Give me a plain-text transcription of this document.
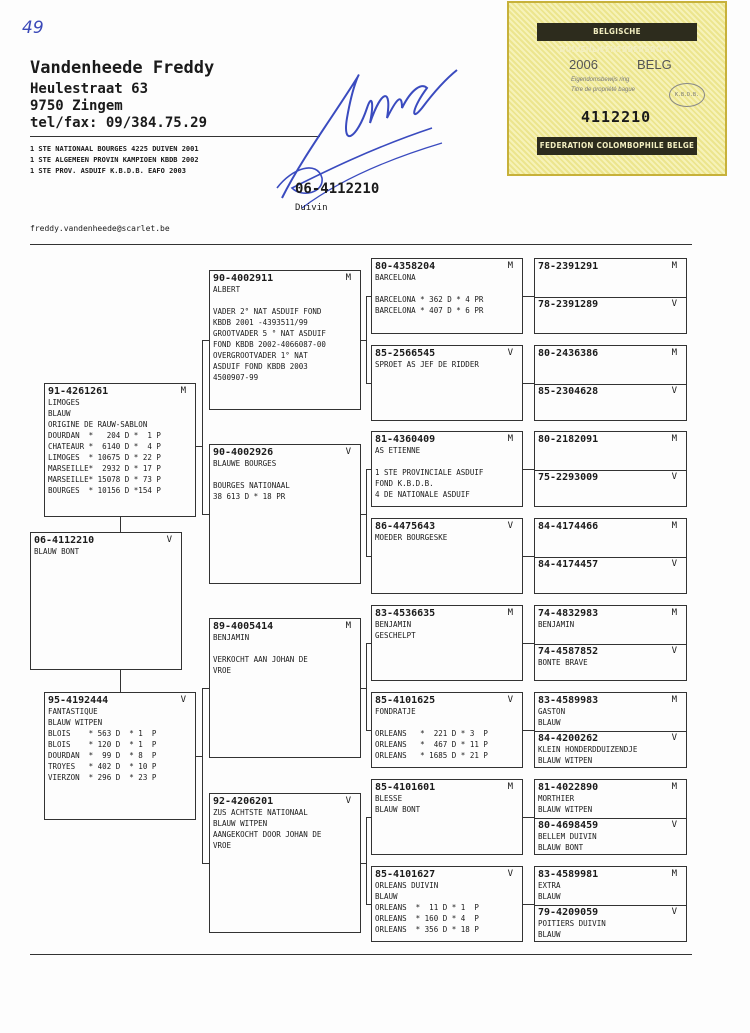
49
Vandenheede Freddy
Heulestraat 63
9750 Zingem
tel/fax: 09/384.75.29
1 STE NATIONAAL BOURGES 4225 DUIVEN 2001
1 STE ALGEMEEN PROVIN KAMPIOEN KBDB 2002
1 STE PROV. ASDUIF K.B.D.B. EAFO 2003
freddy.vandenheede@scarlet.be
06-4112210
Duivin
BELGISCHE DUIVENLIEFHEBBERSBOND
2006	BELG
Eigendomsbewijs ring
Titre de propriété bague
K.B.D.B.
4112210
FEDERATION COLOMBOPHILE BELGE
78-2391291	M
78-2391289	V
80-2436386	M
85-2304628	V
80-2182091	M
75-2293009	V
84-4174466	M
84-4174457	V
74-4832983	M
BENJAMIN
74-4587852	V
BONTE BRAVE
83-4589983	M
GASTON
BLAUW
84-4200262	V
KLEIN HONDERDDUIZENDJE
BLAUW WITPEN
81-4022890	M
MORTHIER
BLAUW WITPEN
80-4698459	V
BELLEM DUIVIN
BLAUW BONT
83-4589981	M
EXTRA
BLAUW
79-4209059	V
POITIERS DUIVIN
BLAUW
80-4358204	M
BARCELONA

BARCELONA * 362 D * 4 PR
BARCELONA * 407 D * 6 PR
85-2566545	V
SPROET AS JEF DE RIDDER
81-4360409	M
AS ETIENNE

1 STE PROVINCIALE ASDUIF
FOND K.B.D.B.
4 DE NATIONALE ASDUIF
86-4475643	V
MOEDER BOURGESKE
83-4536635	M
BENJAMIN
GESCHELPT
85-4101625	V
FONDRATJE

ORLEANS   *  221 D * 3  P
ORLEANS   *  467 D * 11 P
ORLEANS   * 1685 D * 21 P
85-4101601	M
BLESSE
BLAUW BONT
85-4101627	V
ORLEANS DUIVIN
BLAUW
ORLEANS  *  11 D * 1  P
ORLEANS  * 160 D * 4  P
ORLEANS  * 356 D * 18 P
90-4002911	M
ALBERT

VADER 2° NAT ASDUIF FOND
KBDB 2001 -4393511/99
GROOTVADER 5 ° NAT ASDUIF
FOND KBDB 2002-4066087-00
OVERGROOTVADER 1° NAT
ASDUIF FOND KBDB 2003
4500907-99
90-4002926	V
BLAUWE BOURGES

BOURGES NATIONAAL
38 613 D * 18 PR
89-4005414	M
BENJAMIN

VERKOCHT AAN JOHAN DE
VROE
92-4206201	V
ZUS ACHTSTE NATIONAAL
BLAUW WITPEN
AANGEKOCHT DOOR JOHAN DE
VROE
91-4261261	M
LIMOGES
BLAUW
ORIGINE DE RAUW-SABLON
DOURDAN  *   204 D *  1 P
CHATEAUR *  6140 D *  4 P
LIMOGES  * 10675 D * 22 P
MARSEILLE*  2932 D * 17 P
MARSEILLE* 15078 D * 73 P
BOURGES  * 10156 D *154 P
95-4192444	V
FANTASTIQUE
BLAUW WITPEN
BLOIS    * 563 D  * 1  P
BLOIS    * 120 D  * 1  P
DOURDAN  *  99 D  * 8  P
TROYES   * 402 D  * 10 P
VIERZON  * 296 D  * 23 P
06-4112210	V
BLAUW BONT
